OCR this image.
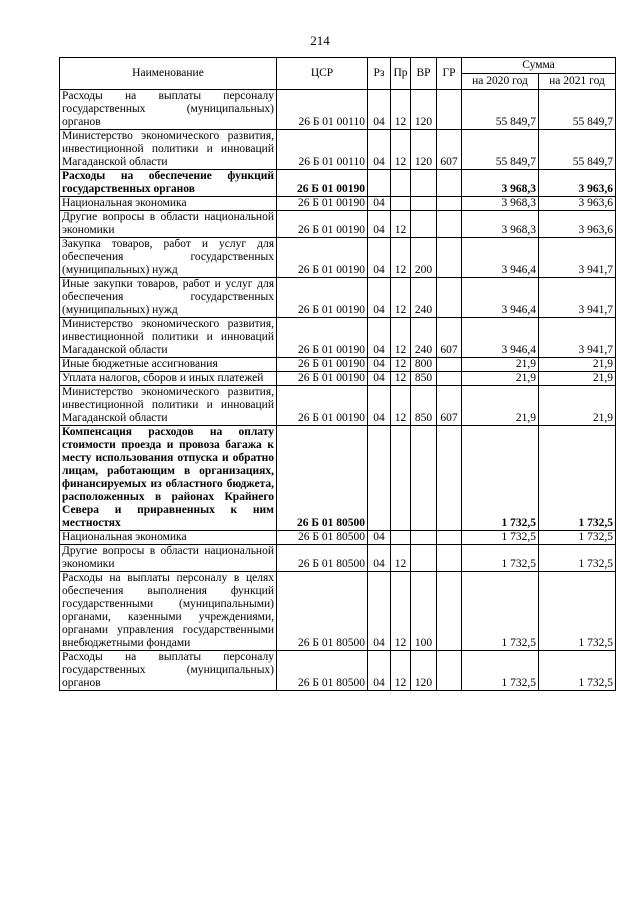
214
Наименование	ЦСР	Рз	Пр	ВР	ГР	Сумма	
						на 2020 год	на 2021 год
Расходы на выплаты персоналу государственных (муниципальных) органов	26 Б 01 00110	04	12	120		55 849,7	55 849,7
Министерство экономического развития, инвестиционной политики и инноваций Магаданской области	26 Б 01 00110	04	12	120	607	55 849,7	55 849,7
Расходы на обеспечение функций государственных органов	26 Б 01 00190					3 968,3	3 963,6
Национальная экономика	26 Б 01 00190	04				3 968,3	3 963,6
Другие вопросы в области национальной экономики	26 Б 01 00190	04	12			3 968,3	3 963,6
Закупка товаров, работ и услуг для обеспечения государственных (муниципальных) нужд	26 Б 01 00190	04	12	200		3 946,4	3 941,7
Иные закупки товаров, работ и услуг для обеспечения государственных (муниципальных) нужд	26 Б 01 00190	04	12	240		3 946,4	3 941,7
Министерство экономического развития, инвестиционной политики и инноваций Магаданской области	26 Б 01 00190	04	12	240	607	3 946,4	3 941,7
Иные бюджетные ассигнования	26 Б 01 00190	04	12	800		21,9	21,9
Уплата налогов, сборов и иных платежей	26 Б 01 00190	04	12	850		21,9	21,9
Министерство экономического развития, инвестиционной политики и инноваций Магаданской области	26 Б 01 00190	04	12	850	607	21,9	21,9
Компенсация расходов на оплату стоимости проезда и провоза багажа к месту использования отпуска и обратно лицам, работающим в организациях, финансируемых из областного бюджета, расположенных в районах Крайнего Севера и приравненных к ним местностях	26 Б 01 80500					1 732,5	1 732,5
Национальная экономика	26 Б 01 80500	04				1 732,5	1 732,5
Другие вопросы в области национальной экономики	26 Б 01 80500	04	12			1 732,5	1 732,5
Расходы на выплаты персоналу в целях обеспечения выполнения функций государственными (муниципальными) органами, казенными учреждениями, органами управления государственными внебюджетными фондами	26 Б 01 80500	04	12	100		1 732,5	1 732,5
Расходы на выплаты персоналу государственных (муниципальных) органов	26 Б 01 80500	04	12	120		1 732,5	1 732,5
